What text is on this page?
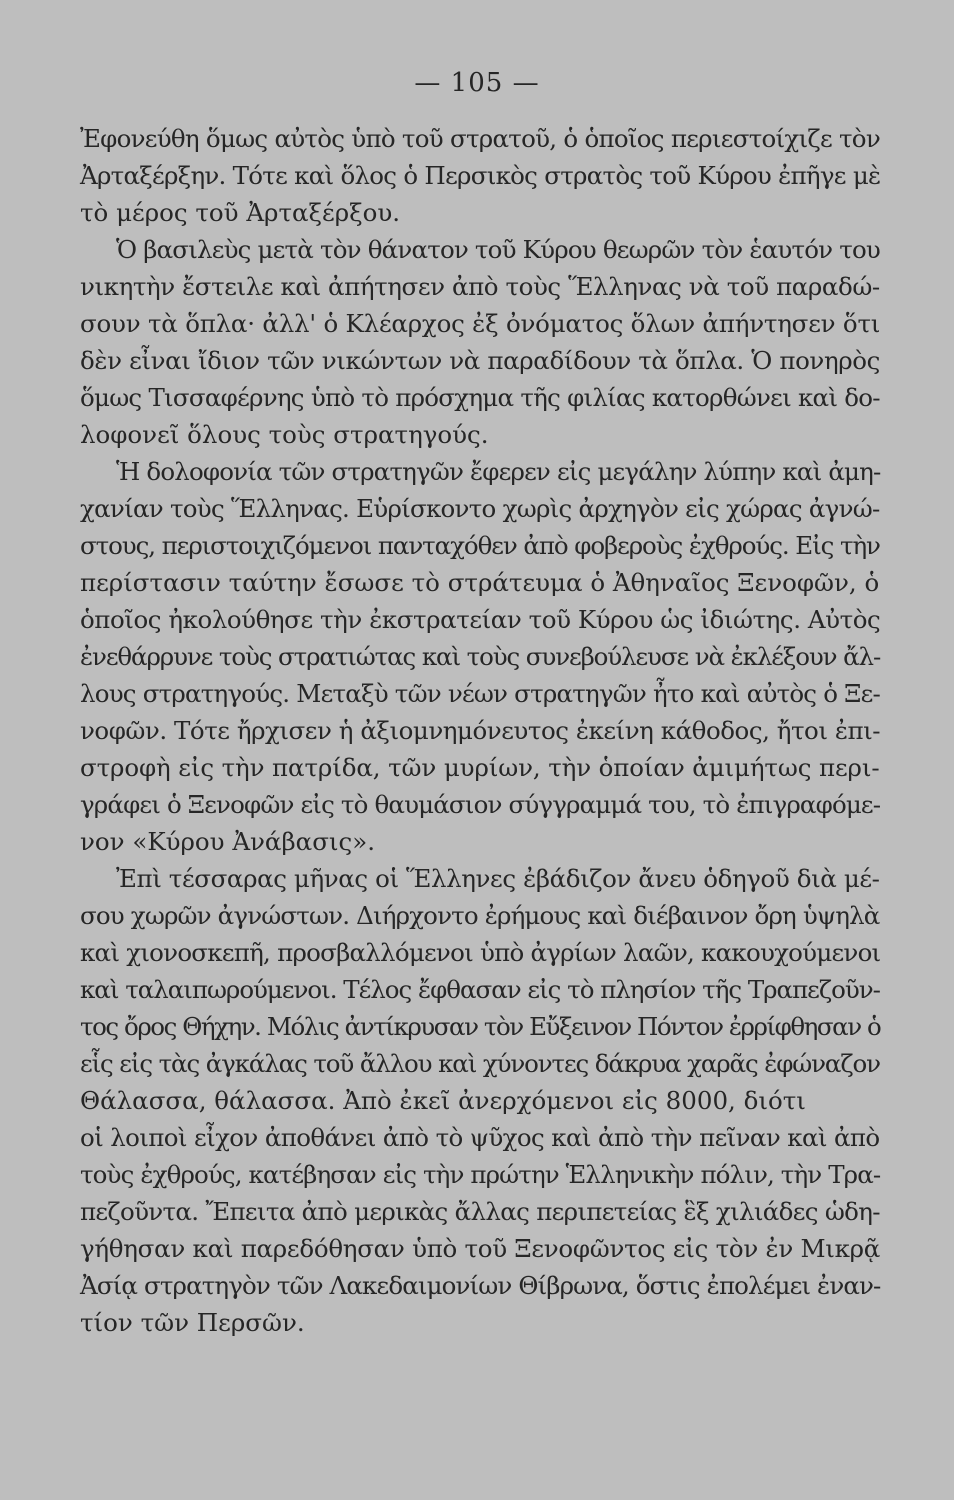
— 105 —
Ἐφονεύθη ὅμως αὐτὸς ὑπὸ τοῦ στρατοῦ, ὁ ὁποῖος περιεστοίχιζε τὸν
Ἀρταξέρξην. Τότε καὶ ὅλος ὁ Περσικὸς στρατὸς τοῦ Κύρου ἐπῆγε μὲ
τὸ μέρος τοῦ Ἀρταξέρξου.
Ὁ βασιλεὺς μετὰ τὸν θάνατον τοῦ Κύρου θεωρῶν τὸν ἑαυτόν του
νικητὴν ἔστειλε καὶ ἀπήτησεν ἀπὸ τοὺς Ἕλληνας νὰ τοῦ παραδώ-
σουν τὰ ὅπλα· ἀλλ' ὁ Κλέαρχος ἐξ ὀνόματος ὅλων ἀπήντησεν ὅτι
δὲν εἶναι ἴδιον τῶν νικώντων νὰ παραδίδουν τὰ ὅπλα. Ὁ πονηρὸς
ὅμως Τισσαφέρνης ὑπὸ τὸ πρόσχημα τῆς φιλίας κατορθώνει καὶ δο-
λοφονεῖ ὅλους τοὺς στρατηγούς.
Ἡ δολοφονία τῶν στρατηγῶν ἔφερεν εἰς μεγάλην λύπην καὶ ἀμη-
χανίαν τοὺς Ἕλληνας. Εὑρίσκοντο χωρὶς ἀρχηγὸν εἰς χώρας ἀγνώ-
στους, περιστοιχιζόμενοι πανταχόθεν ἀπὸ φοβεροὺς ἐχθρούς. Εἰς τὴν
περίστασιν ταύτην ἔσωσε τὸ στράτευμα ὁ Ἀθηναῖος Ξενοφῶν, ὁ
ὁποῖος ἠκολούθησε τὴν ἐκστρατείαν τοῦ Κύρου ὡς ἰδιώτης. Αὐτὸς
ἐνεθάρρυνε τοὺς στρατιώτας καὶ τοὺς συνεβούλευσε νὰ ἐκλέξουν ἄλ-
λους στρατηγούς. Μεταξὺ τῶν νέων στρατηγῶν ἦτο καὶ αὐτὸς ὁ Ξε-
νοφῶν. Τότε ἤρχισεν ἡ ἀξιομνημόνευτος ἐκείνη κάθοδος, ἤτοι ἐπι-
στροφὴ εἰς τὴν πατρίδα, τῶν μυρίων, τὴν ὁποίαν ἀμιμήτως περι-
γράφει ὁ Ξενοφῶν εἰς τὸ θαυμάσιον σύγγραμμά του, τὸ ἐπιγραφόμε-
νον «Κύρου Ἀνάβασις».
Ἐπὶ τέσσαρας μῆνας οἱ Ἕλληνες ἐβάδιζον ἄνευ ὁδηγοῦ διὰ μέ-
σου χωρῶν ἀγνώστων. Διήρχοντο ἐρήμους καὶ διέβαινον ὄρη ὑψηλὰ
καὶ χιονοσκεπῆ, προσβαλλόμενοι ὑπὸ ἀγρίων λαῶν, κακουχούμενοι
καὶ ταλαιπωρούμενοι. Τέλος ἔφθασαν εἰς τὸ πλησίον τῆς Τραπεζοῦν-
τος ὄρος Θήχην. Μόλις ἀντίκρυσαν τὸν Εὔξεινον Πόντον ἐρρίφθησαν ὁ
εἷς εἰς τὰς ἀγκάλας τοῦ ἄλλου καὶ χύνοντες δάκρυα χαρᾶς ἐφώναζον
Θάλασσα, θάλασσα. Ἀπὸ ἐκεῖ ἀνερχόμενοι εἰς 8000, διότι
οἱ λοιποὶ εἶχον ἀποθάνει ἀπὸ τὸ ψῦχος καὶ ἀπὸ τὴν πεῖναν καὶ ἀπὸ
τοὺς ἐχθρούς, κατέβησαν εἰς τὴν πρώτην Ἑλληνικὴν πόλιν, τὴν Τρα-
πεζοῦντα. Ἔπειτα ἀπὸ μερικὰς ἄλλας περιπετείας ἓξ χιλιάδες ὡδη-
γήθησαν καὶ παρεδόθησαν ὑπὸ τοῦ Ξενοφῶντος εἰς τὸν ἐν Μικρᾷ
Ἀσίᾳ στρατηγὸν τῶν Λακεδαιμονίων Θίβρωνα, ὅστις ἐπολέμει ἐναν-
τίον τῶν Περσῶν.
